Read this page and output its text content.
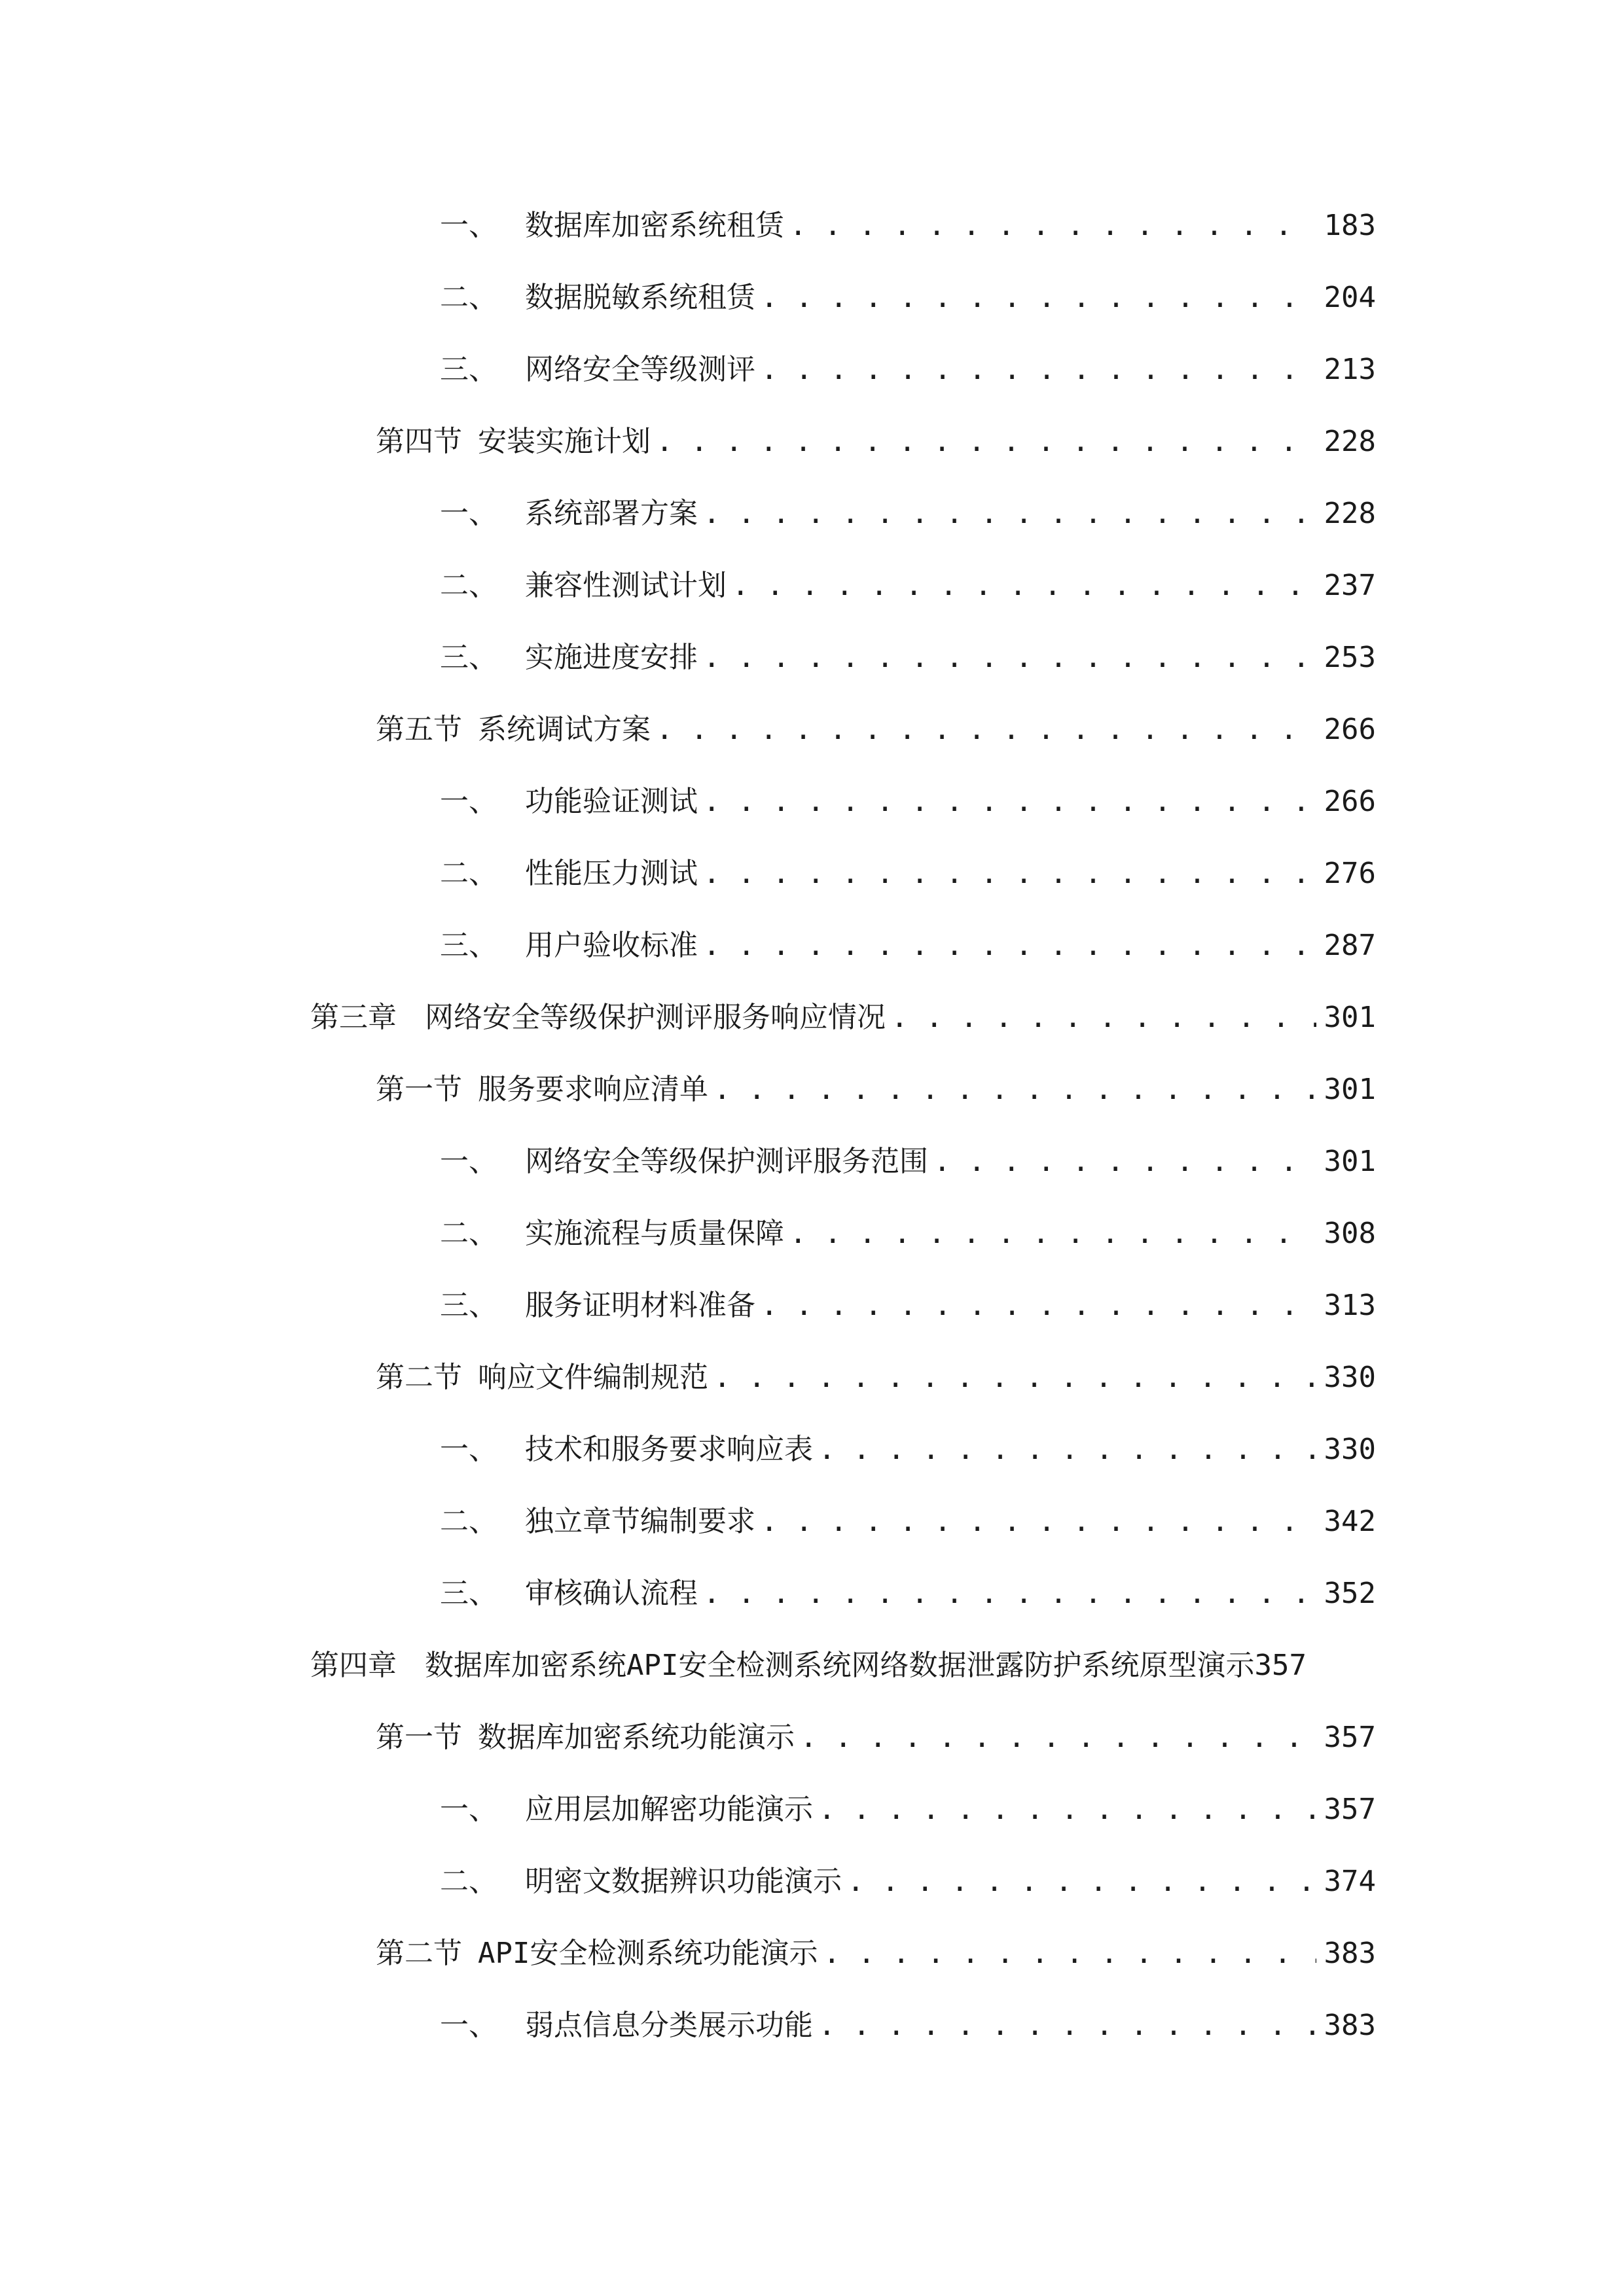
一、 数据库加密系统租赁 . . .	183
二、 数据脱敏系统租赁 . . .	204
三、 网络安全等级测评 . . .	213
第四节 安装实施计划 . . .	228
一、 系统部署方案 . . .	228
二、 兼容性测试计划 . . .	237
三、 实施进度安排 . . .	253
第五节 系统调试方案 . . .	266
一、 功能验证测试 . . .	266
二、 性能压力测试 . . .	276
三、 用户验收标准 . . .	287
第三章 网络安全等级保护测评服务响应情况 . . .	301
第一节 服务要求响应清单 . . .	301
一、 网络安全等级保护测评服务范围 . . .	301
二、 实施流程与质量保障 . . .	308
三、 服务证明材料准备 . . .	313
第二节 响应文件编制规范 . . .	330
一、 技术和服务要求响应表 . . .	330
二、 独立章节编制要求 . . .	342
三、 审核确认流程 . . .	352
第四章 数据库加密系统API安全检测系统网络数据泄露防护系统原型演示 357
第一节 数据库加密系统功能演示 . . .	357
一、 应用层加解密功能演示 . . .	357
二、 明密文数据辨识功能演示 . . .	374
第二节 API安全检测系统功能演示 . . .	383
一、 弱点信息分类展示功能 . . .	383
